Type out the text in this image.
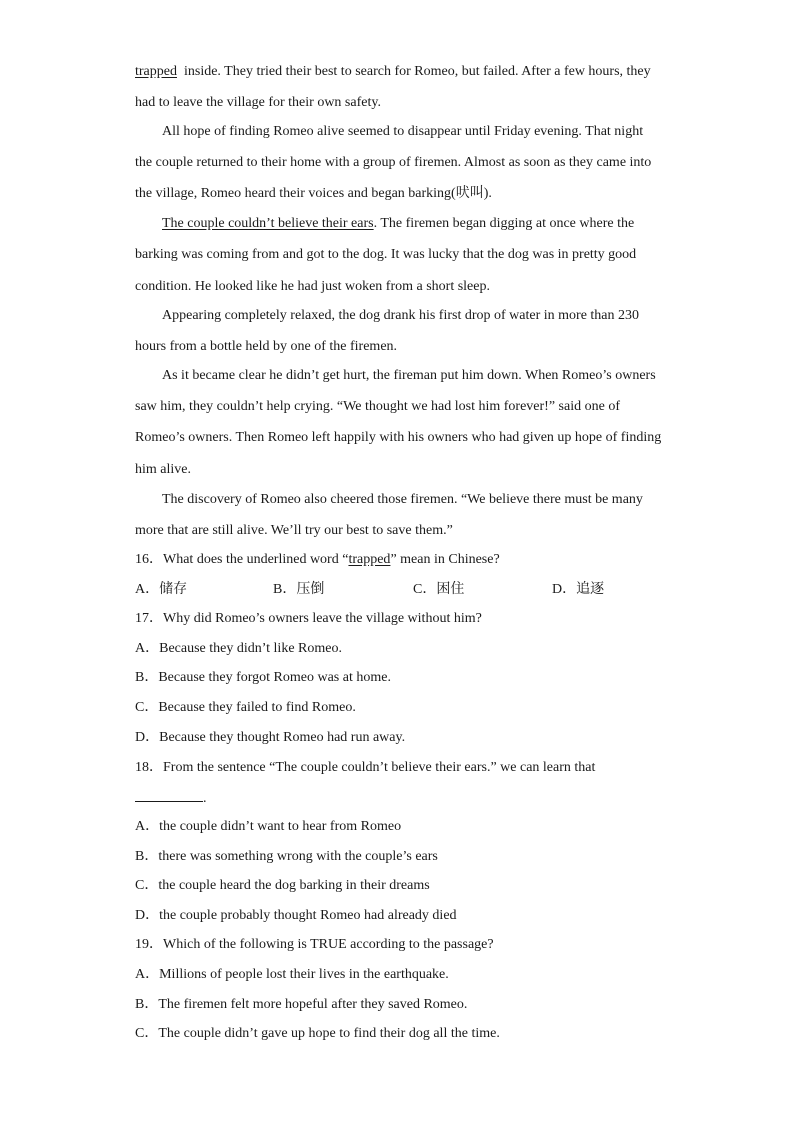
trapped inside. They tried their best to search for Romeo, but failed. After a few hours, they
had to leave the village for their own safety.
All hope of finding Romeo alive seemed to disappear until Friday evening. That night
the couple returned to their home with a group of firemen. Almost as soon as they came into
the village, Romeo heard their voices and began barking(吠叫).
The couple couldn’t believe their ears. The firemen began digging at once where the
barking was coming from and got to the dog. It was lucky that the dog was in pretty good
condition. He looked like he had just woken from a short sleep.
Appearing completely relaxed, the dog drank his first drop of water in more than 230
hours from a bottle held by one of the firemen.
As it became clear he didn’t get hurt, the fireman put him down. When Romeo’s owners
saw him, they couldn’t help crying. “We thought we had lost him forever!” said one of
Romeo’s owners. Then Romeo left happily with his owners who had given up hope of finding
him alive.
The discovery of Romeo also cheered those firemen. “We believe there must be many
more that are still alive. We’ll try our best to save them.”
16．What does the underlined word “trapped” mean in Chinese?
A．储存	B．压倒	C．困住	D．追逐
17．Why did Romeo’s owners leave the village without him?
A．Because they didn’t like Romeo.
B．Because they forgot Romeo was at home.
C．Because they failed to find Romeo.
D．Because they thought Romeo had run away.
18．From the sentence “The couple couldn’t believe their ears.” we can learn that
.
A．the couple didn’t want to hear from Romeo
B．there was something wrong with the couple’s ears
C．the couple heard the dog barking in their dreams
D．the couple probably thought Romeo had already died
19．Which of the following is TRUE according to the passage?
A．Millions of people lost their lives in the earthquake.
B．The firemen felt more hopeful after they saved Romeo.
C．The couple didn’t gave up hope to find their dog all the time.
